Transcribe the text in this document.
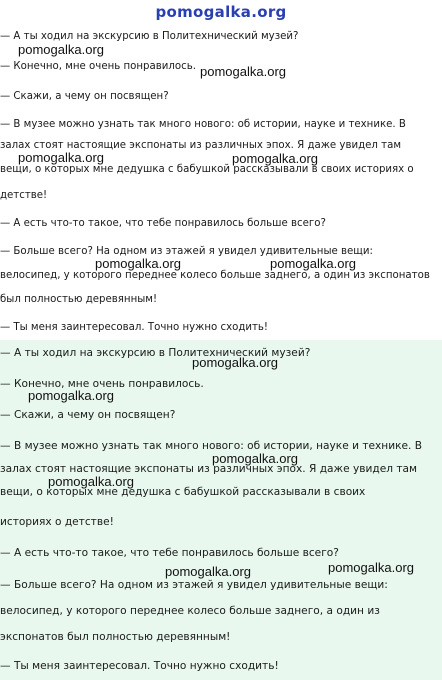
pomogalka.org
— А ты ходил на экскурсию в Политехнический музей?
— Конечно, мне очень понравилось.
— Скажи, а чему он посвящен?
— В музее можно узнать так много нового: об истории, науке и технике. В
залах стоят настоящие экспонаты из различных эпох. Я даже увидел там
вещи, о которых мне дедушка с бабушкой рассказывали в своих историях о
детстве!
— А есть что-то такое, что тебе понравилось больше всего?
— Больше всего? На одном из этажей я увидел удивительные вещи:
велосипед, у которого переднее колесо больше заднего, а один из экспонатов
был полностью деревянным!
— Ты меня заинтересовал. Точно нужно сходить!
— А ты ходил на экскурсию в Политехнический музей?
— Конечно, мне очень понравилось.
— Скажи, а чему он посвящен?
— В музее можно узнать так много нового: об истории, науке и технике. В
залах стоят настоящие экспонаты из различных эпох. Я даже увидел там
вещи, о которых мне дедушка с бабушкой рассказывали в своих
историях о детстве!
— А есть что-то такое, что тебе понравилось больше всего?
— Больше всего? На одном из этажей я увидел удивительные вещи:
велосипед, у которого переднее колесо больше заднего, а один из
экспонатов был полностью деревянным!
— Ты меня заинтересовал. Точно нужно сходить!
pomogalka.org
pomogalka.org
pomogalka.org	pomogalka.org
pomogalka.org	pomogalka.org
pomogalka.org
pomogalka.org
pomogalka.org
pomogalka.org
pomogalka.org
pomogalka.org
